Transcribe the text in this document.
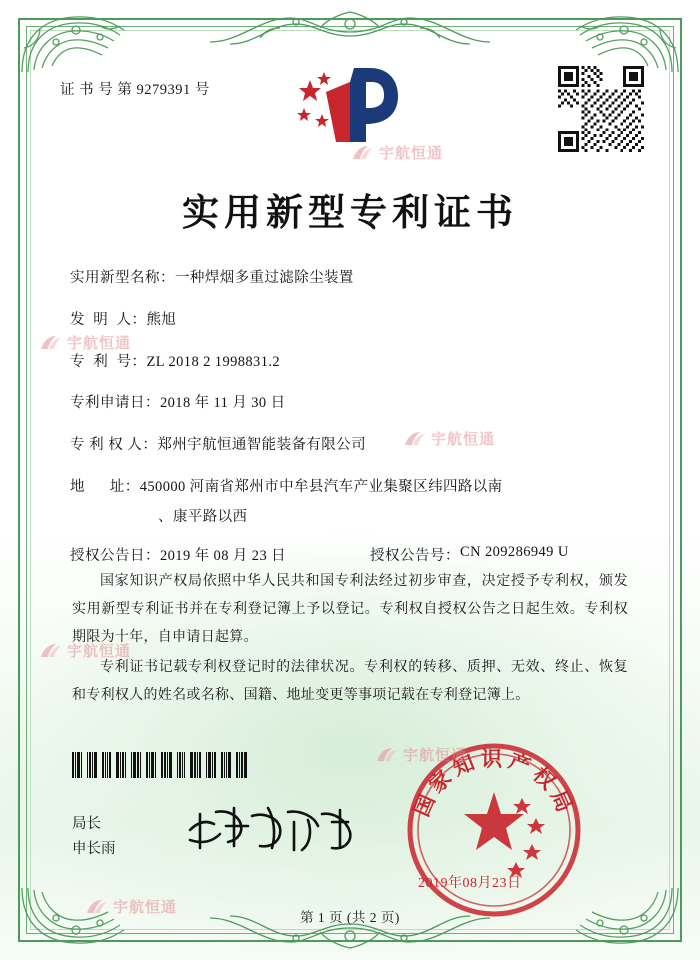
证 书 号 第 9279391 号
实用新型专利证书
实用新型名称： 一种焊烟多重过滤除尘装置
发  明  人： 熊旭
专  利  号： ZL 2018 2 1998831.2
专利申请日： 2018 年 11 月 30 日
专 利 权 人： 郑州宇航恒通智能装备有限公司
地      址： 450000 河南省郑州市中牟县汽车产业集聚区纬四路以南
、康平路以西
授权公告日： 2019 年 08 月 23 日	授权公告号： CN 209286949 U

国家知识产权局依照中华人民共和国专利法经过初步审查，决定授予专利权，颁发实用新型专利证书并在专利登记簿上予以登记。专利权自授权公告之日起生效。专利权期限为十年，自申请日起算。

专利证书记载专利权登记时的法律状况。专利权的转移、质押、无效、终止、恢复和专利权人的姓名或名称、国籍、地址变更等事项记载在专利登记簿上。

局长
申长雨
国家知识产权局
2019年08月23日
第 1 页 (共 2 页)
宇航恒通
宇航恒通
宇航恒通
宇航恒通
宇航恒通
宇航恒通
